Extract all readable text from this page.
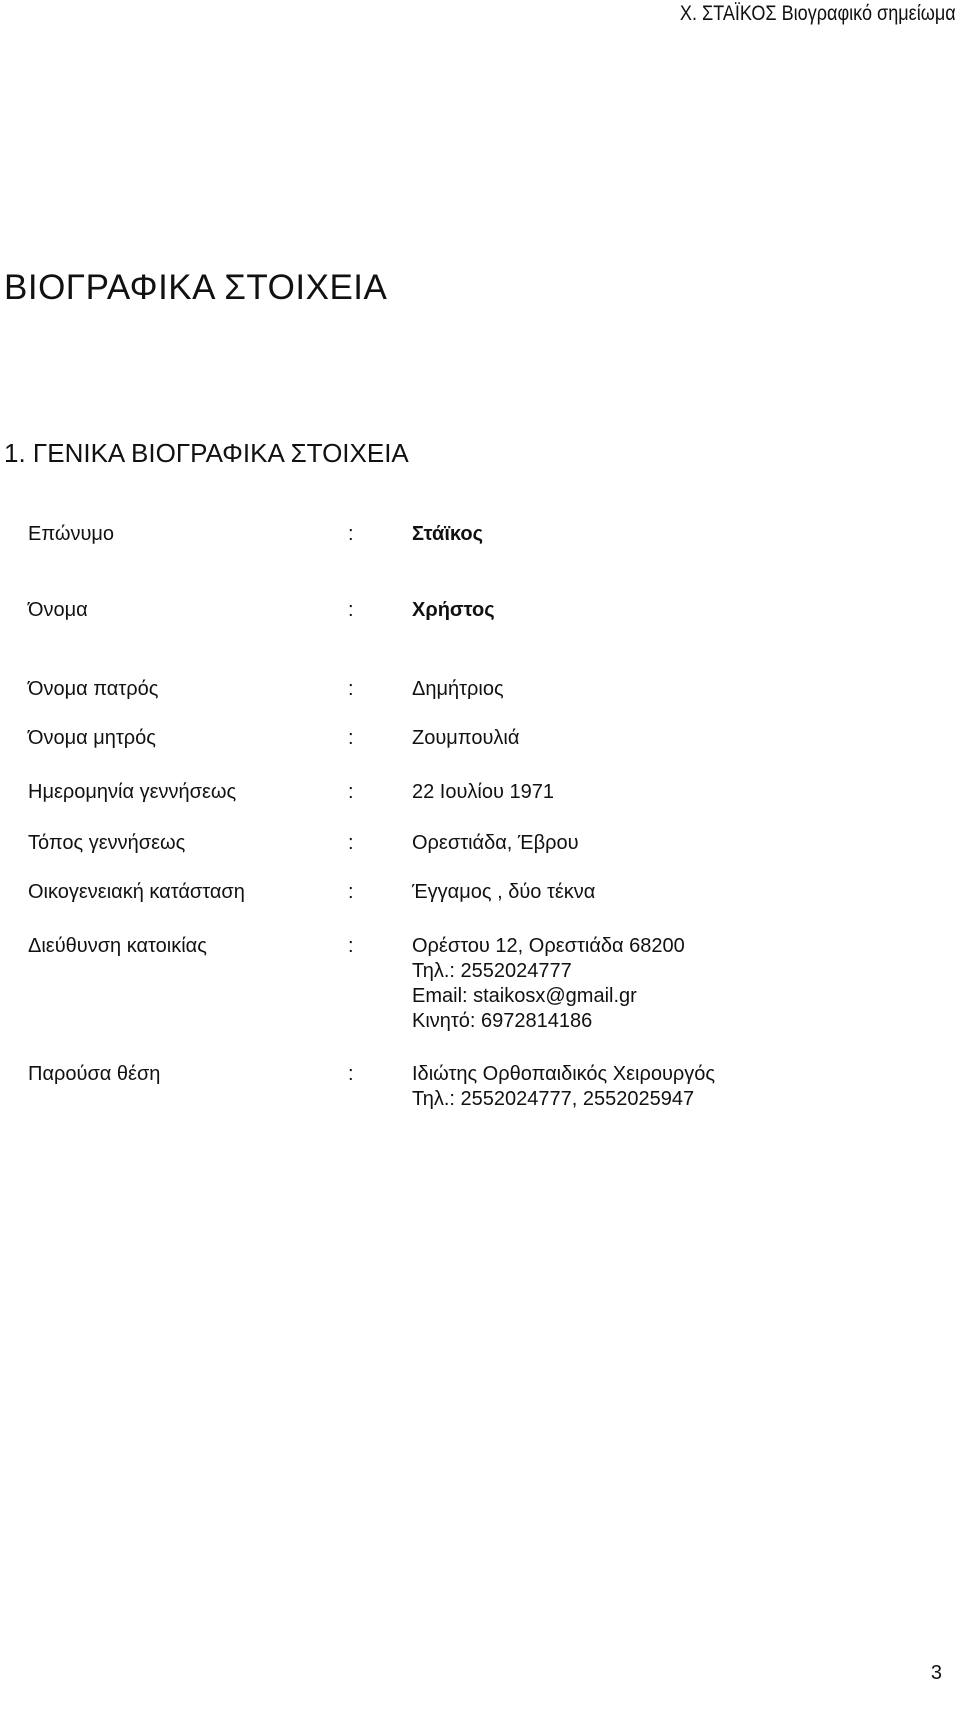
Χ. ΣΤΑΪΚΟΣ Βιογραφικό σημείωμα
ΒΙΟΓΡΑΦΙΚΑ ΣΤΟΙΧΕΙΑ
1. ΓΕΝΙΚΑ ΒΙΟΓΡΑΦΙΚΑ ΣΤΟΙΧΕΙΑ
Επώνυμο	:	Στάϊκος
Όνομα	:	Χρήστος
Όνομα πατρός	:	Δημήτριος
Όνομα μητρός	:	Ζουμπουλιά
Ημερομηνία γεννήσεως	:	22 Ιουλίου 1971
Τόπος γεννήσεως	:	Ορεστιάδα, Έβρου
Οικογενειακή κατάσταση	:	Έγγαμος , δύο τέκνα
Διεύθυνση κατοικίας	:	Ορέστου 12, Ορεστιάδα 68200
Τηλ.: 2552024777
Email: staikosx@gmail.gr
Κινητό: 6972814186
Παρούσα θέση	:	Ιδιώτης Ορθοπαιδικός Χειρουργός
Τηλ.: 2552024777, 2552025947
3
